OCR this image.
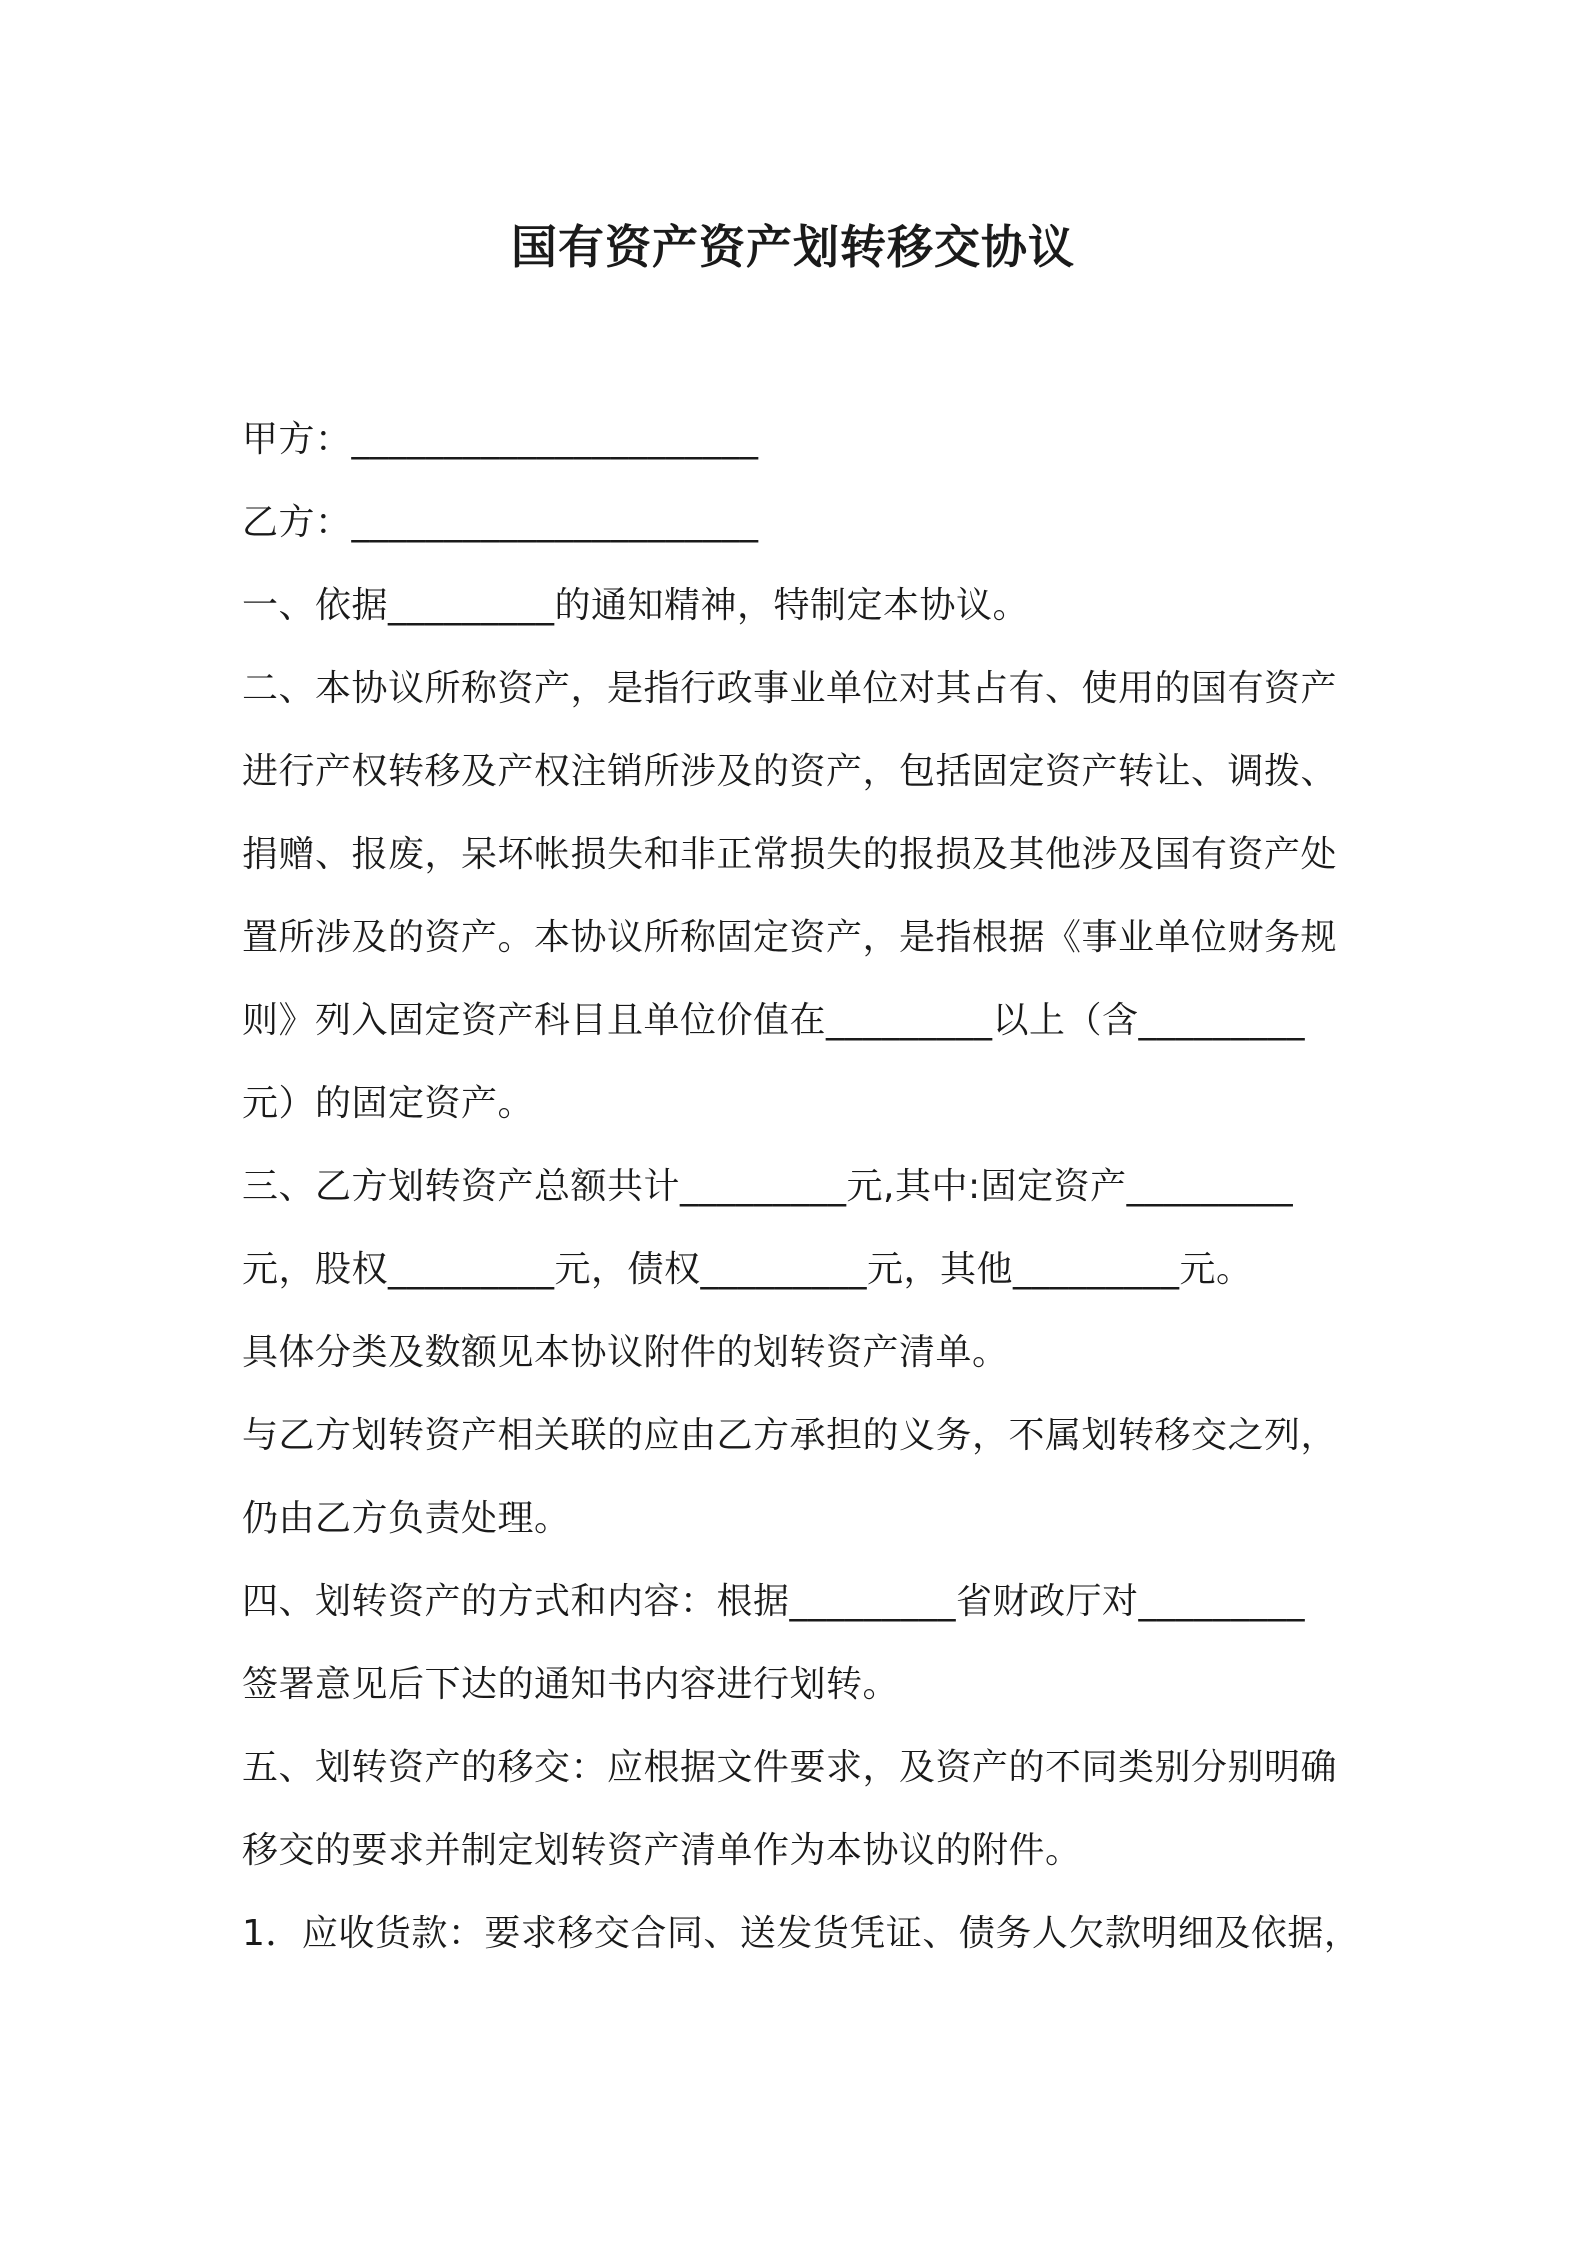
国有资产资产划转移交协议
甲方：______________________
乙方：______________________
一、依据_________的通知精神，特制定本协议。
二、本协议所称资产，是指行政事业单位对其占有、使用的国有资产
进行产权转移及产权注销所涉及的资产，包括固定资产转让、调拨、
捐赠、报废，呆坏帐损失和非正常损失的报损及其他涉及国有资产处
置所涉及的资产。本协议所称固定资产，是指根据《事业单位财务规
则》列入固定资产科目且单位价值在_________以上（含_________
元）的固定资产。
三、乙方划转资产总额共计_________元,其中:固定资产_________
元，股权_________元，债权_________元，其他_________元。
具体分类及数额见本协议附件的划转资产清单。
与乙方划转资产相关联的应由乙方承担的义务，不属划转移交之列，
仍由乙方负责处理。
四、划转资产的方式和内容：根据_________省财政厅对_________
签署意见后下达的通知书内容进行划转。
五、划转资产的移交：应根据文件要求，及资产的不同类别分别明确
移交的要求并制定划转资产清单作为本协议的附件。
1．应收货款：要求移交合同、送发货凭证、债务人欠款明细及依据，
